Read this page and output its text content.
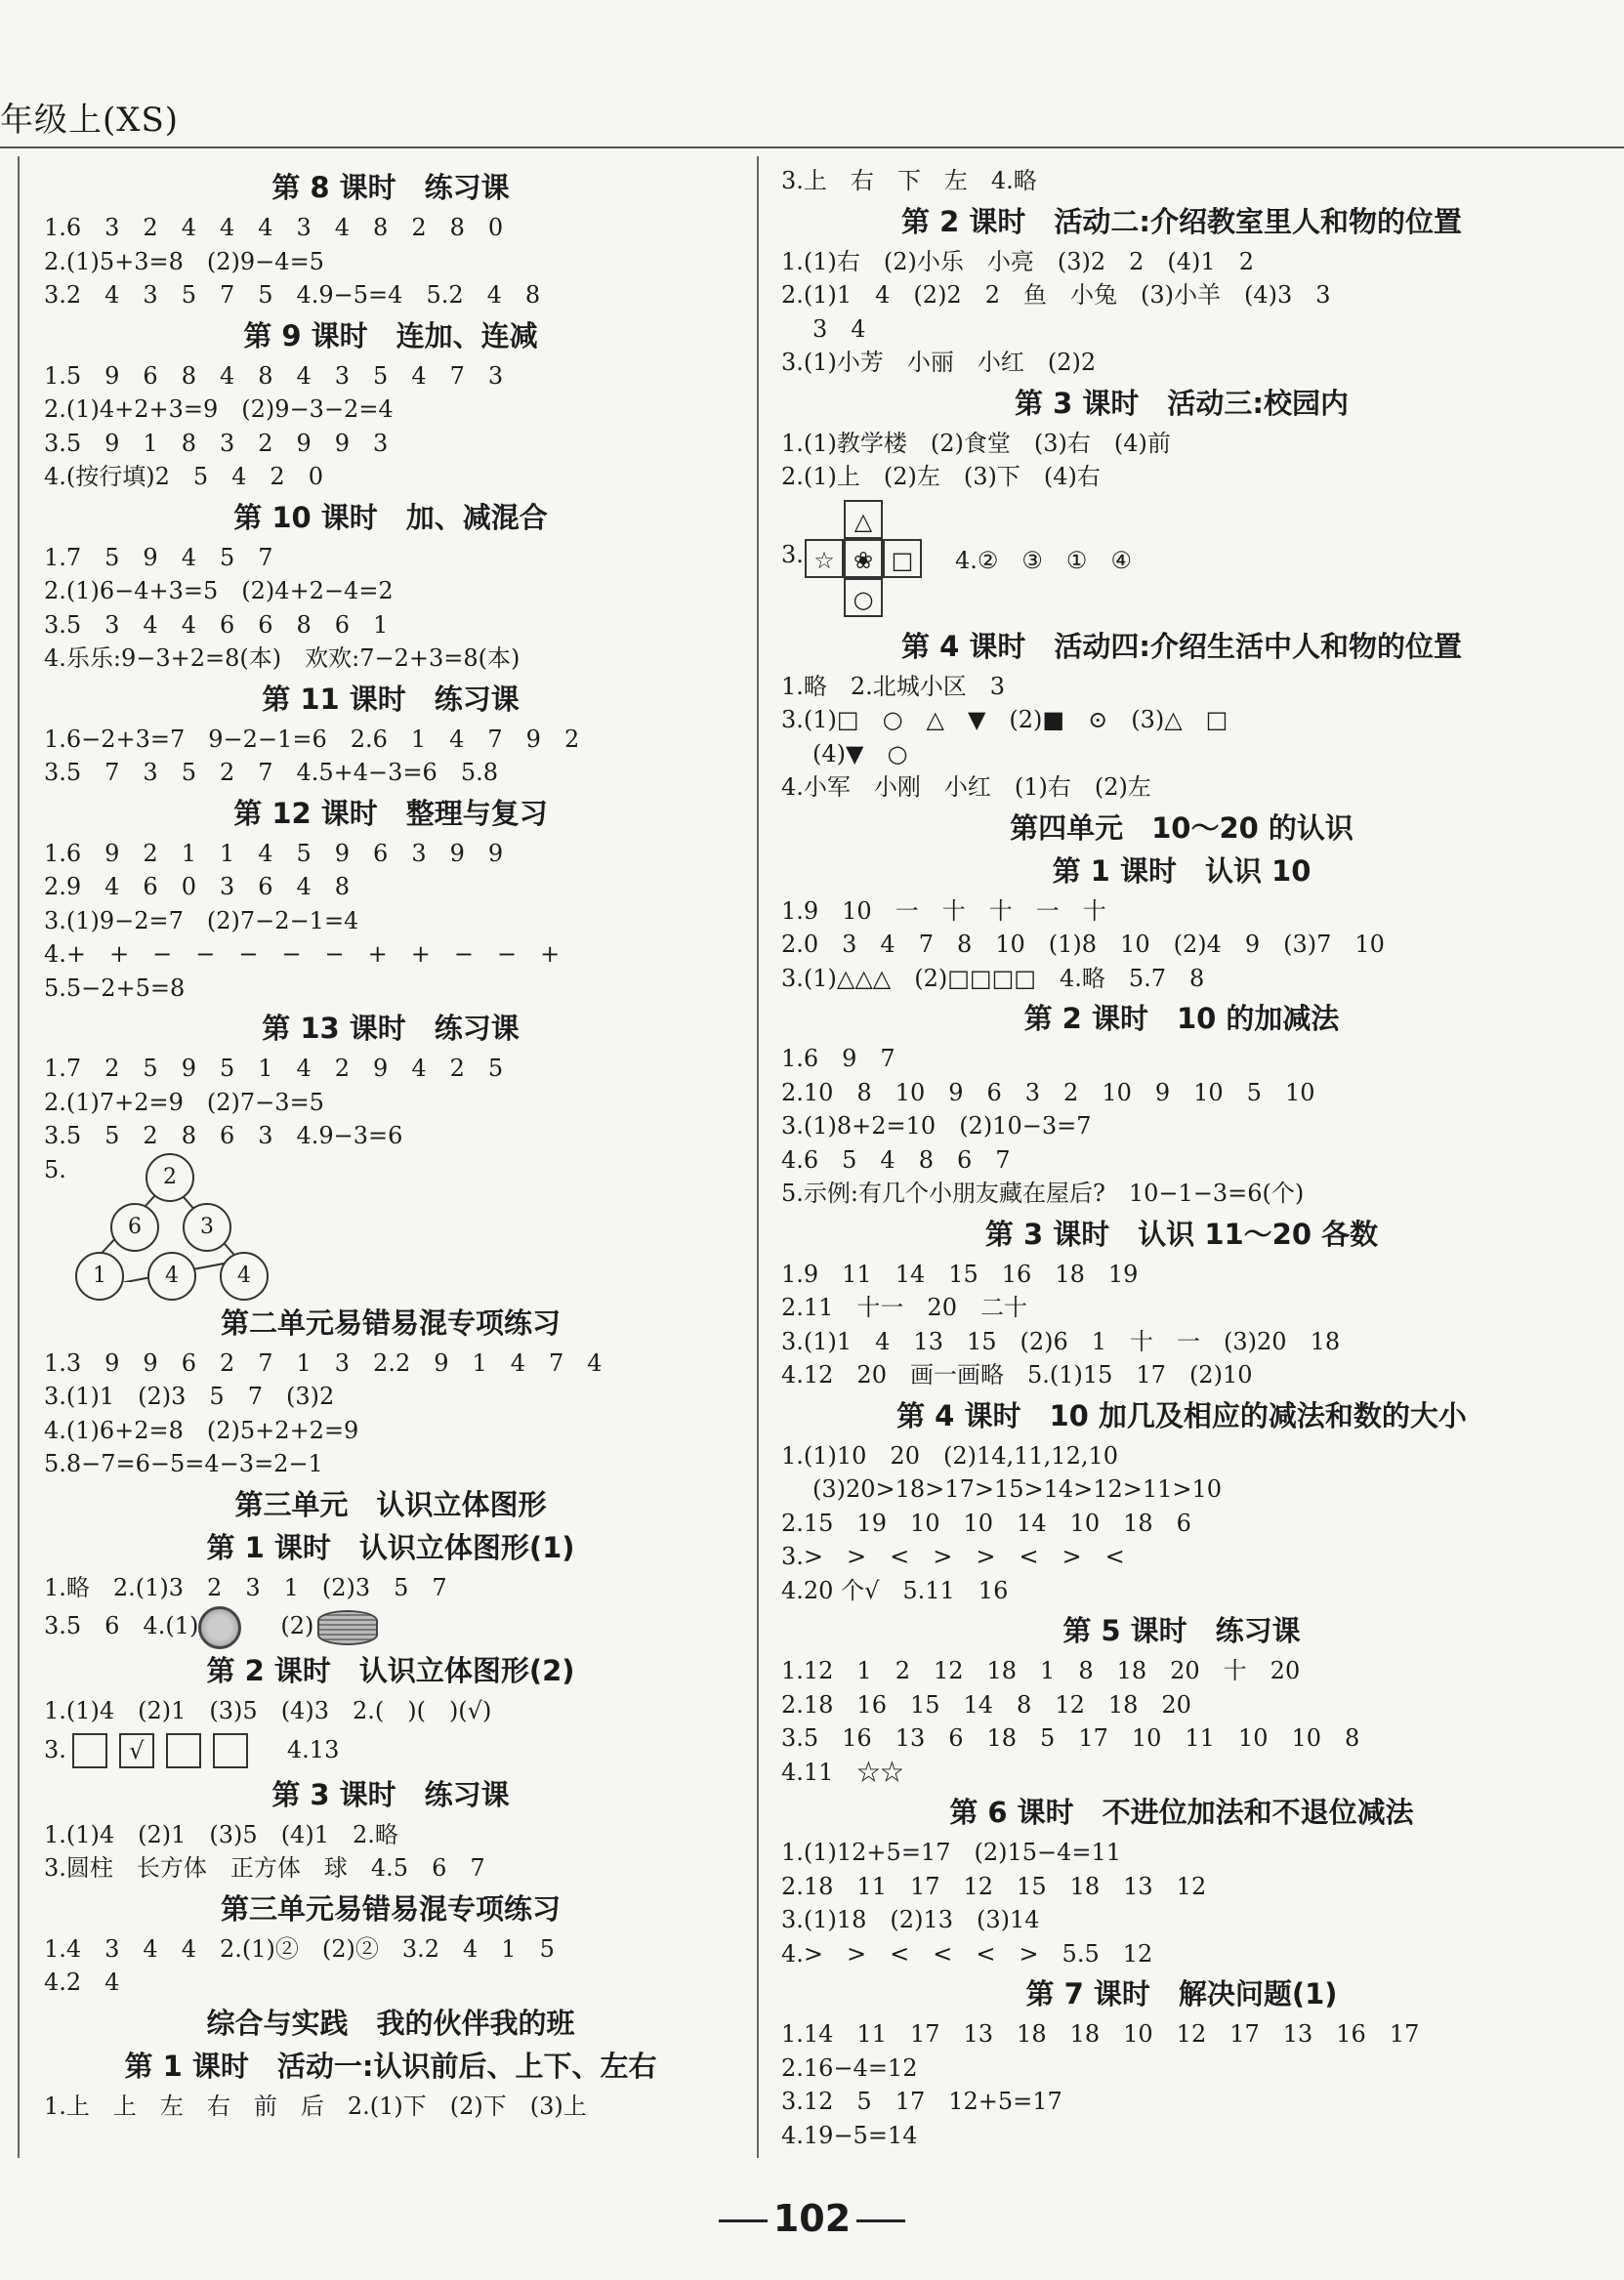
年级上(XS)
第 8 课时　练习课
1.6　3　2　4　4　4　3　4　8　2　8　0
2.(1)5+3=8　(2)9−4=5
3.2　4　3　5　7　5　4.9−5=4　5.2　4　8
第 9 课时　连加、连减
1.5　9　6　8　4　8　4　3　5　4　7　3
2.(1)4+2+3=9　(2)9−3−2=4
3.5　9　1　8　3　2　9　9　3
4.(按行填)2　5　4　2　0
第 10 课时　加、减混合
1.7　5　9　4　5　7
2.(1)6−4+3=5　(2)4+2−4=2
3.5　3　4　4　6　6　8　6　1
4.乐乐:9−3+2=8(本)　欢欢:7−2+3=8(本)
第 11 课时　练习课
1.6−2+3=7　9−2−1=6　2.6　1　4　7　9　2
3.5　7　3　5　2　7　4.5+4−3=6　5.8
第 12 课时　整理与复习
1.6　9　2　1　1　4　5　9　6　3　9　9
2.9　4　6　0　3　6　4　8
3.(1)9−2=7　(2)7−2−1=4
4.+　+　−　−　−　−　−　+　+　−　−　+
5.5−2+5=8
第 13 课时　练习课
1.7　2　5　9　5　1　4　2　9　4　2　5
2.(1)7+2=9　(2)7−3=5
3.5　5　2　8　6　3　4.9−3=6
5.	2
6	3
1	4	4
第二单元易错易混专项练习
1.3　9　9　6　2　7　1　3　2.2　9　1　4　7　4
3.(1)1　(2)3　5　7　(3)2
4.(1)6+2=8　(2)5+2+2=9
5.8−7=6−5=4−3=2−1
第三单元　认识立体图形
第 1 课时　认识立体图形(1)
1.略　2.(1)3　2　3　1　(2)3　5　7
3.5　6　4.(1)	(2)
第 2 课时　认识立体图形(2)
1.(1)4　(2)1　(3)5　(4)3　2.(　)(　)(√)
3.	√	4.13
第 3 课时　练习课
1.(1)4　(2)1　(3)5　(4)1　2.略
3.圆柱　长方体　正方体　球　4.5　6　7
第三单元易错易混专项练习
1.4　3　4　4　2.(1)②　(2)②　3.2　4　1　5
4.2　4
综合与实践　我的伙伴我的班
第 1 课时　活动一:认识前后、上下、左右
1.上　上　左　右　前　后　2.(1)下　(2)下　(3)上
3.上　右　下　左　4.略
第 2 课时　活动二:介绍教室里人和物的位置
1.(1)右　(2)小乐　小亮　(3)2　2　(4)1　2
2.(1)1　4　(2)2　2　鱼　小兔　(3)小羊　(4)3　3
3　4
3.(1)小芳　小丽　小红　(2)2
第 3 课时　活动三:校园内
1.(1)教学楼　(2)食堂　(3)右　(4)前
2.(1)上　(2)左　(3)下　(4)右
3.
△
☆ ❀ □
○
4.②　③　①　④
第 4 课时　活动四:介绍生活中人和物的位置
1.略　2.北城小区　3
3.(1)□　○　△　▼　(2)■　⊙　(3)△　□
(4)▼　○
4.小军　小刚　小红　(1)右　(2)左
第四单元　10～20 的认识
第 1 课时　认识 10
1.9　10　一　十　十　一　十
2.0　3　4　7　8　10　(1)8　10　(2)4　9　(3)7　10
3.(1)△△△　(2)□□□□　4.略　5.7　8
第 2 课时　10 的加减法
1.6　9　7
2.10　8　10　9　6　3　2　10　9　10　5　10
3.(1)8+2=10　(2)10−3=7
4.6　5　4　8　6　7
5.示例:有几个小朋友藏在屋后?　10−1−3=6(个)
第 3 课时　认识 11～20 各数
1.9　11　14　15　16　18　19
2.11　十一　20　二十
3.(1)1　4　13　15　(2)6　1　十　一　(3)20　18
4.12　20　画一画略　5.(1)15　17　(2)10
第 4 课时　10 加几及相应的减法和数的大小
1.(1)10　20　(2)14,11,12,10
(3)20>18>17>15>14>12>11>10
2.15　19　10　10　14　10　18　6
3.>　>　<　>　>　<　>　<
4.20 个√　5.11　16
第 5 课时　练习课
1.12　1　2　12　18　1　8　18　20　十　20
2.18　16　15　14　8　12　18　20
3.5　16　13　6　18　5　17　10　11　10　10　8
4.11　☆☆
第 6 课时　不进位加法和不退位减法
1.(1)12+5=17　(2)15−4=11
2.18　11　17　12　15　18　13　12
3.(1)18　(2)13　(3)14
4.>　>　<　<　<　>　5.5　12
第 7 课时　解决问题(1)
1.14　11　17　13　18　18　10　12　17　13　16　17
2.16−4=12
3.12　5　17　12+5=17
4.19−5=14
102
